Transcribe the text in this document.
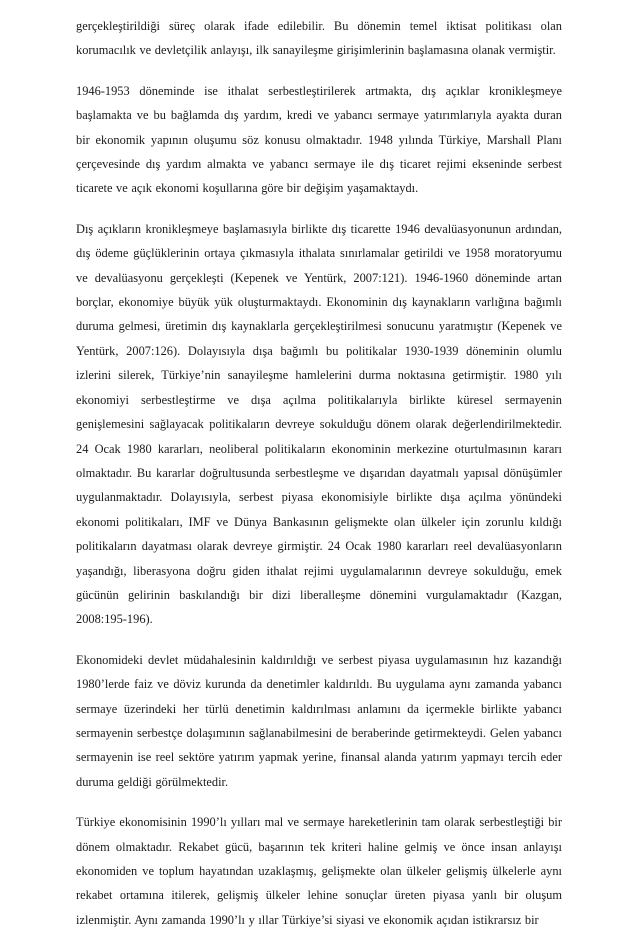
gerçekleştirildiği süreç olarak ifade edilebilir. Bu dönemin temel iktisat politikası olan korumacılık ve devletçilik anlayışı, ilk sanayileşme girişimlerinin başlamasına olanak vermiştir.

1946-1953 döneminde ise ithalat serbestleştirilerek artmakta, dış açıklar kronikleşmeye başlamakta ve bu bağlamda dış yardım, kredi ve yabancı sermaye yatırımlarıyla ayakta duran bir ekonomik yapının oluşumu söz konusu olmaktadır. 1948 yılında Türkiye, Marshall Planı çerçevesinde dış yardım almakta ve yabancı sermaye ile dış ticaret rejimi ekseninde serbest ticarete ve açık ekonomi koşullarına göre bir değişim yaşamaktaydı.

Dış açıkların kronikleşmeye başlamasıyla birlikte dış ticarette 1946 devalüasyonunun ardından, dış ödeme güçlüklerinin ortaya çıkmasıyla ithalata sınırlamalar getirildi ve 1958 moratoryumu ve devalüasyonu gerçekleşti (Kepenek ve Yentürk, 2007:121). 1946-1960 döneminde artan borçlar, ekonomiye büyük yük oluşturmaktaydı. Ekonominin dış kaynakların varlığına bağımlı duruma gelmesi, üretimin dış kaynaklarla gerçekleştirilmesi sonucunu yaratmıştır (Kepenek ve Yentürk, 2007:126). Dolayısıyla dışa bağımlı bu politikalar 1930-1939 döneminin olumlu izlerini silerek, Türkiye’nin sanayileşme hamlelerini durma noktasına getirmiştir. 1980 yılı ekonomiyi serbestleştirme ve dışa açılma politikalarıyla birlikte küresel sermayenin genişlemesini sağlayacak politikaların devreye sokulduğu dönem olarak değerlendirilmektedir. 24 Ocak 1980 kararları, neoliberal politikaların ekonominin merkezine oturtulmasının kararı olmaktadır. Bu kararlar doğrultusunda serbestleşme ve dışarıdan dayatmalı yapısal dönüşümler uygulanmaktadır. Dolayısıyla, serbest piyasa ekonomisiyle birlikte dışa açılma yönündeki ekonomi politikaları, IMF ve Dünya Bankasının gelişmekte olan ülkeler için zorunlu kıldığı politikaların dayatması olarak devreye girmiştir. 24 Ocak 1980 kararları reel devalüasyonların yaşandığı, liberasyona doğru giden ithalat rejimi uygulamalarının devreye sokulduğu, emek gücünün gelirinin baskılandığı bir dizi liberalleşme dönemini vurgulamaktadır (Kazgan, 2008:195-196).

Ekonomideki devlet müdahalesinin kaldırıldığı ve serbest piyasa uygulamasının hız kazandığı 1980’lerde faiz ve döviz kurunda da denetimler kaldırıldı. Bu uygulama aynı zamanda yabancı sermaye üzerindeki her türlü denetimin kaldırılması anlamını da içermekle birlikte yabancı sermayenin serbestçe dolaşımının sağlanabilmesini de beraberinde getirmekteydi. Gelen yabancı sermayenin ise reel sektöre yatırım yapmak yerine, finansal alanda yatırım yapmayı tercih eder duruma geldiği görülmektedir.

Türkiye ekonomisinin 1990’lı yılları mal ve sermaye hareketlerinin tam olarak serbestleştiği bir dönem olmaktadır. Rekabet gücü, başarının tek kriteri haline gelmiş ve önce insan anlayışı ekonomiden ve toplum hayatından uzaklaşmış, gelişmekte olan ülkeler gelişmiş ülkelerle aynı rekabet ortamına itilerek, gelişmiş ülkeler lehine sonuçlar üreten piyasa yanlı bir oluşum izlenmiştir. Aynı zamanda 1990’lı y ıllar Türkiye’si siyasi ve ekonomik açıdan istikrarsız bir
